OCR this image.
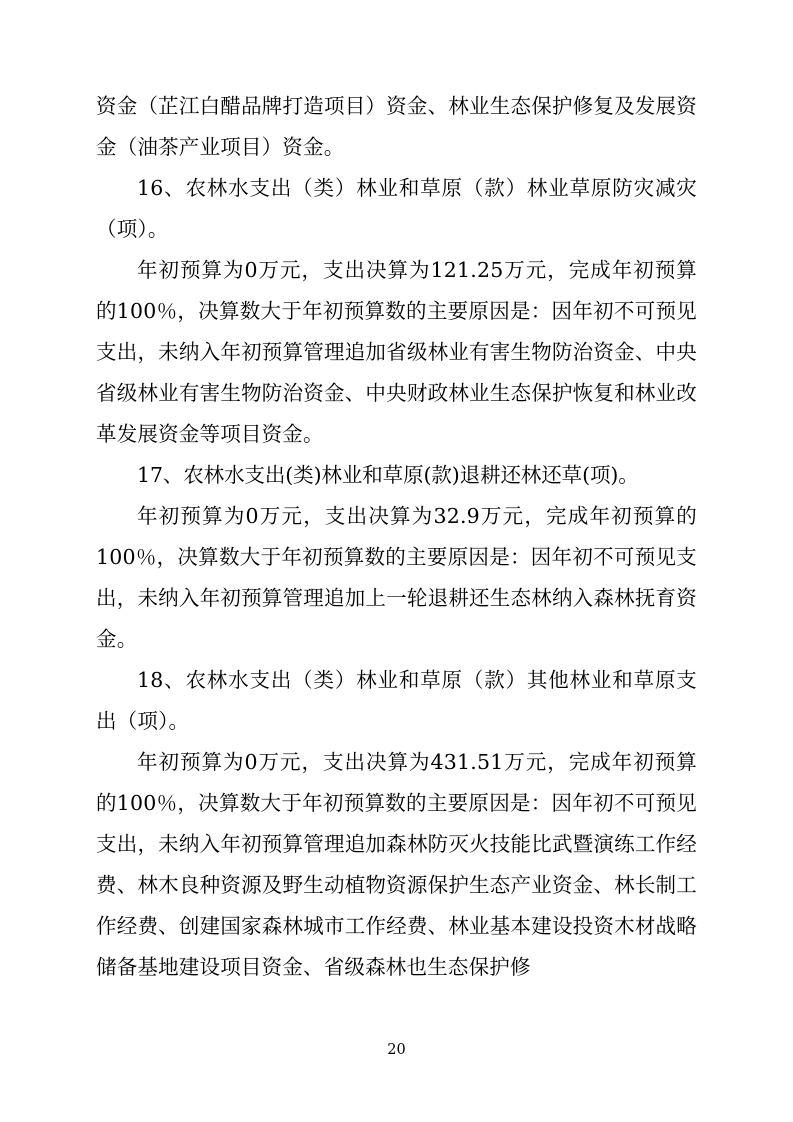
资金（芷江白醋品牌打造项目）资金、林业生态保护修复及发展资金（油茶产业项目）资金。

16、农林水支出（类）林业和草原（款）林业草原防灾减灾（项）。

年初预算为0万元，支出决算为121.25万元，完成年初预算的100％，决算数大于年初预算数的主要原因是：因年初不可预见支出，未纳入年初预算管理追加省级林业有害生物防治资金、中央省级林业有害生物防治资金、中央财政林业生态保护恢复和林业改革发展资金等项目资金。

17、农林水支出(类)林业和草原(款)退耕还林还草(项)。

年初预算为0万元，支出决算为32.9万元，完成年初预算的100％，决算数大于年初预算数的主要原因是：因年初不可预见支出，未纳入年初预算管理追加上一轮退耕还生态林纳入森林抚育资金。

18、农林水支出（类）林业和草原（款）其他林业和草原支出（项）。

年初预算为0万元，支出决算为431.51万元，完成年初预算的100％，决算数大于年初预算数的主要原因是：因年初不可预见支出，未纳入年初预算管理追加森林防灭火技能比武暨演练工作经费、林木良种资源及野生动植物资源保护生态产业资金、林长制工作经费、创建国家森林城市工作经费、林业基本建设投资木材战略储备基地建设项目资金、省级森林也生态保护修

20
